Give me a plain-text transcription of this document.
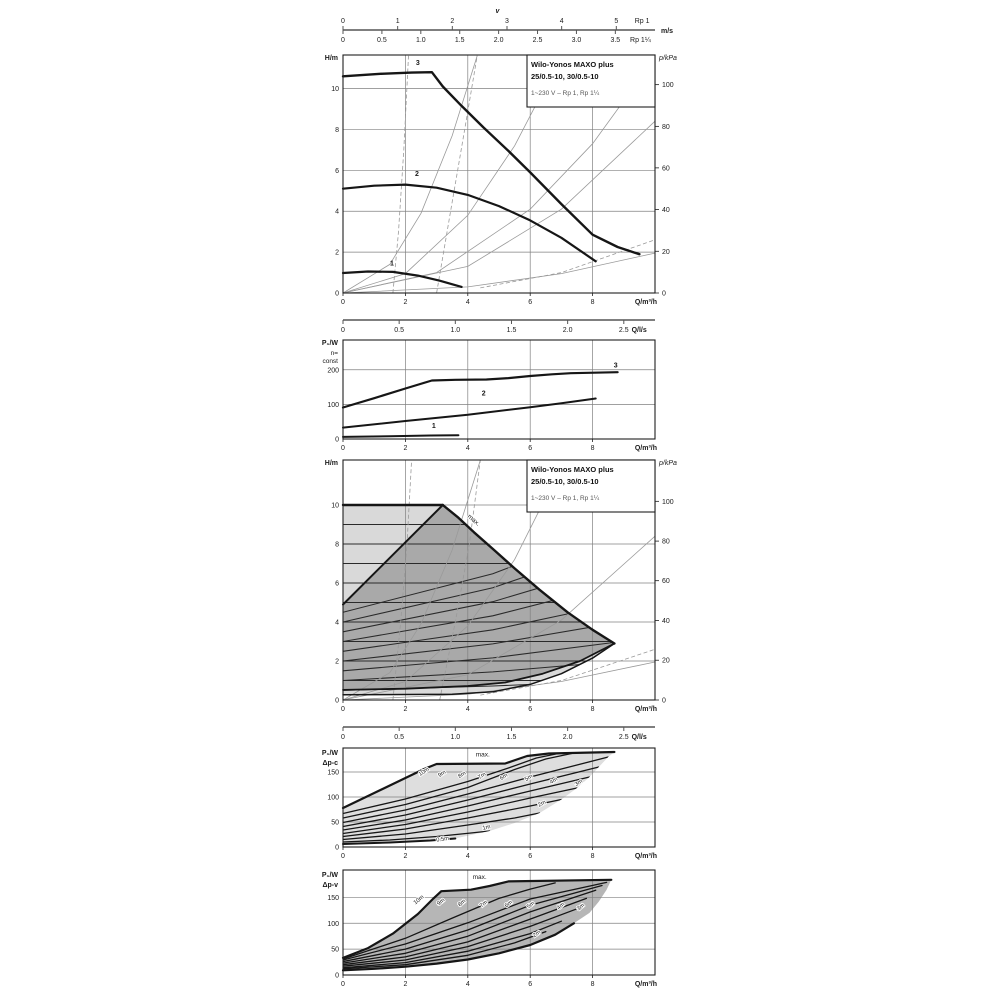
0	1	2	3	4	5 Rp 1
0	0.5	1.0	1.5	2.0	2.5	3.0	3.5 Rp 1¼
m/s
v
0	0.5	1.0	1.5	2.0	2.5 Q/l/s
0	0.5	1.0	1.5	2.0	2.5 Q/l/s
0	2	4	6	8	Q/m³/h
0
2
4
6
8
10
0
20
40
60
80
100
Wilo-Yonos MAXO plus
25/0.5-10, 30/0.5-10
1~230 V – Rp 1, Rp 1¼
3
2
1
H/m	p/kPa
0	2	4	6	8	Q/m³/h
0
100
200
3
2
1
P₁/W
n=
const
0	2	4	6	8	Q/m³/h
0
2
4
6
8
10
0
20
40
60
80
100
Wilo-Yonos MAXO plus
25/0.5-10, 30/0.5-10
1~230 V – Rp 1, Rp 1¼
max.
H/m	p/kPa
0	2	4	6	8	Q/m³/h
0
50
100
150
max.
10m 9m 8m 7m 6m	5m	4m	3m
2m
1m
0.5m
P₁/W
Δp-c
0	2	4	6	8	Q/m³/h
0
50
100
150
max.
10m 9m 8m 7m	6m 5m	4m 3m
2m
P₁/W
Δp-v
